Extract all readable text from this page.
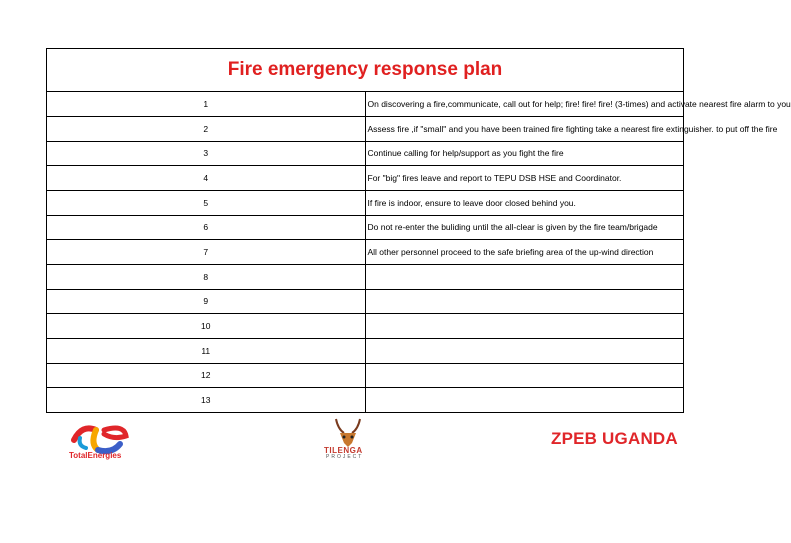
Fire emergency response plan	
1	On discovering a fire,communicate, call out for help; fire! fire! fire! (3-times) and activate nearest fire alarm to you
2	Assess fire ,if "small" and you have been trained fire fighting take a nearest fire extinguisher. to put off the fire
3	Continue calling for help/support as you fight the fire
4	For "big" fires leave and report to TEPU DSB HSE and Coordinator.
5	If fire is indoor, ensure to leave door closed behind you.
6	Do not re-enter the buliding until the all-clear is given by the fire team/brigade
7	All other personnel proceed to the safe briefing area of the up-wind direction
8	
9	
10	
11	
12	
13	
TotalEnergies
TILENGA
PROJECT
ZPEB UGANDA
